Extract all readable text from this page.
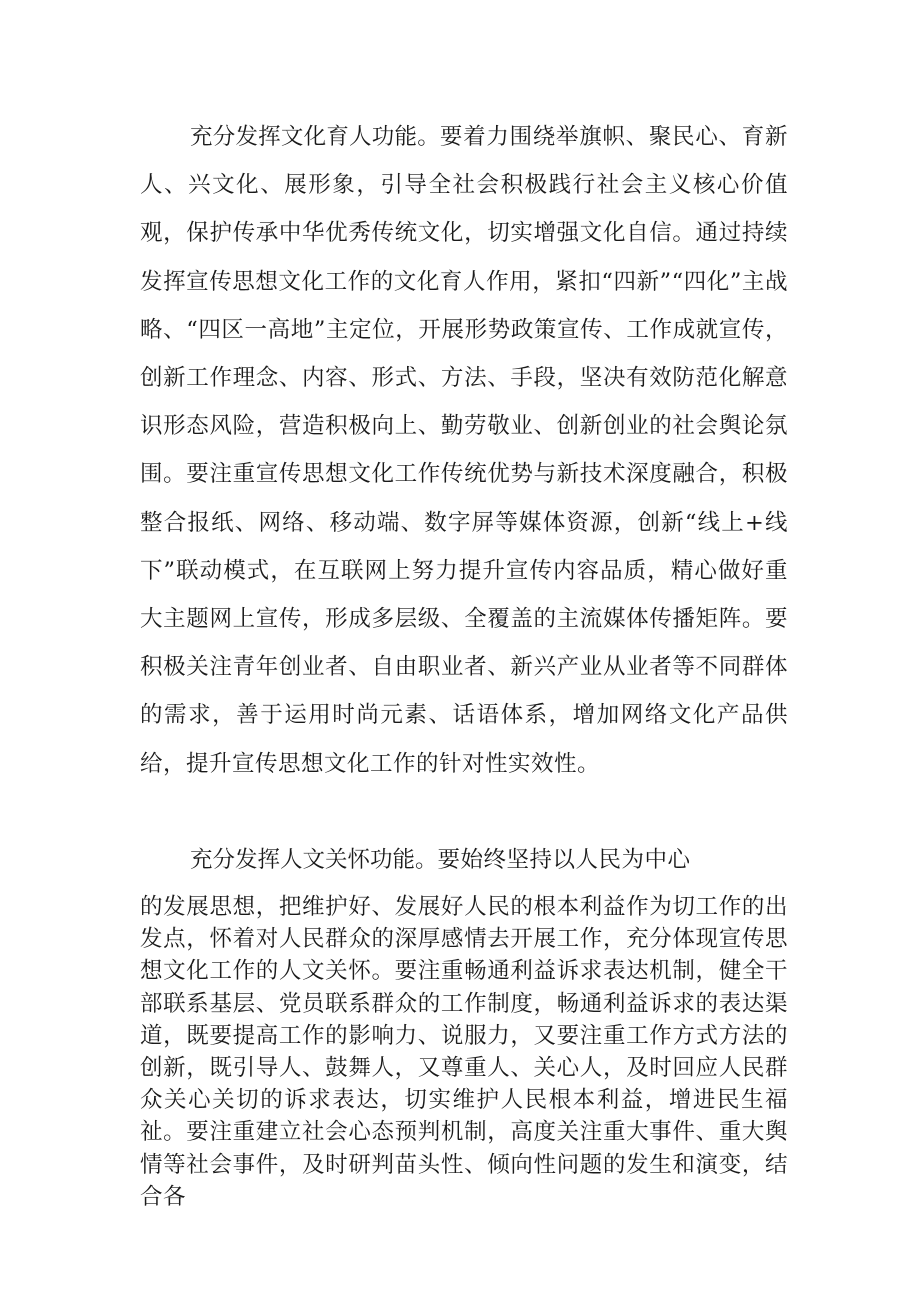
充分发挥文化育人功能。要着力围绕举旗帜、聚民心、育新人、兴文化、展形象，引导全社会积极践行社会主义核心价值观，保护传承中华优秀传统文化，切实增强文化自信。通过持续发挥宣传思想文化工作的文化育人作用，紧扣“四新”“四化”主战略、“四区一高地”主定位，开展形势政策宣传、工作成就宣传，创新工作理念、内容、形式、方法、手段，坚决有效防范化解意识形态风险，营造积极向上、勤劳敬业、创新创业的社会舆论氛围。要注重宣传思想文化工作传统优势与新技术深度融合，积极整合报纸、网络、移动端、数字屏等媒体资源，创新“线上+线下”联动模式，在互联网上努力提升宣传内容品质，精心做好重大主题网上宣传，形成多层级、全覆盖的主流媒体传播矩阵。要积极关注青年创业者、自由职业者、新兴产业从业者等不同群体的需求，善于运用时尚元素、话语体系，增加网络文化产品供给，提升宣传思想文化工作的针对性实效性。

充分发挥人文关怀功能。要始终坚持以人民为中心

的发展思想，把维护好、发展好人民的根本利益作为切工作的出发点，怀着对人民群众的深厚感情去开展工作，充分体现宣传思想文化工作的人文关怀。要注重畅通利益诉求表达机制，健全干部联系基层、党员联系群众的工作制度，畅通利益诉求的表达渠道，既要提高工作的影响力、说服力，又要注重工作方式方法的创新，既引导人、鼓舞人，又尊重人、关心人，及时回应人民群众关心关切的诉求表达，切实维护人民根本利益，增进民生福祉。要注重建立社会心态预判机制，高度关注重大事件、重大舆情等社会事件，及时研判苗头性、倾向性问题的发生和演变，结合各
